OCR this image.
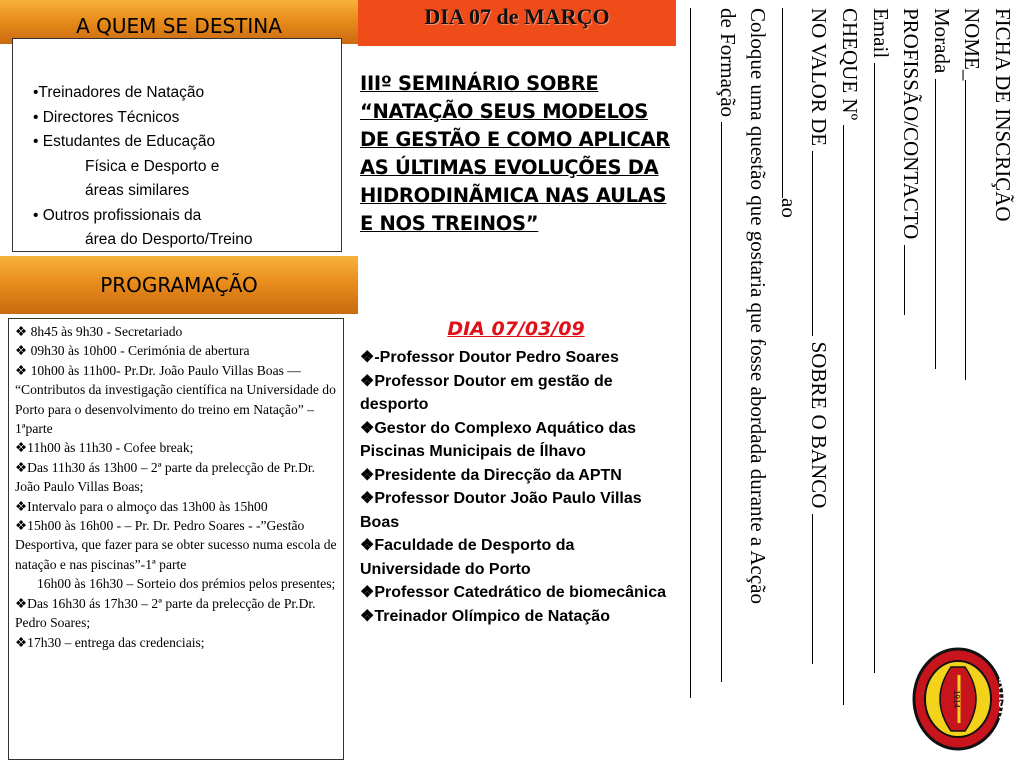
A QUEM SE DESTINA
•Treinadores de Natação
• Directores Técnicos
• Estudantes de Educação
Física e Desporto e
áreas similares
• Outros profissionais da
área do Desporto/Treino
PROGRAMAÇÃO

❖ 8h45 às 9h30 - Secretariado

❖ 09h30 às 10h00 - Cerimónia de abertura

❖ 10h00 às 11h00- Pr.Dr. João Paulo Villas Boas — “Contributos da investigação científica na Universidade do Porto para o desenvolvimento do treino em Natação” – 1ªparte

❖11h00 às 11h30 - Cofee break;

❖Das 11h30 ás 13h00 – 2ª parte da prelecção de Pr.Dr. João Paulo Villas Boas;

❖Intervalo para o almoço das 13h00 às 15h00

❖15h00 às 16h00 - – Pr. Dr. Pedro Soares - -”Gestão Desportiva, que fazer para se obter sucesso numa escola de natação e nas piscinas”-1ª parte

16h00 às 16h30 – Sorteio dos prémios pelos presentes;

❖Das 16h30 ás 17h30 – 2ª parte da prelecção de Pr.Dr. Pedro Soares;

❖17h30 – entrega das credenciais;

DIA 07 de MARÇO
IIIº SEMINÁRIO SOBRE “NATAÇÃO SEUS MODELOS DE GESTÃO E COMO APLICAR AS ÚLTIMAS EVOLUÇÕES DA HIDRODINÃMICA NAS AULAS E NOS TREINOS”
DIA 07/03/09
❖-Professor Doutor Pedro Soares
❖Professor Doutor em gestão de desporto
❖Gestor do Complexo Aquático das Piscinas Municipais de Ílhavo
❖Presidente da Direcção da APTN
❖Professor Doutor João Paulo Villas Boas
❖Faculdade de Desporto da Universidade do Porto
❖Professor Catedrático de biomecânica
❖Treinador Olímpico de Natação
FICHA DE INSCRIÇÃO
NOME_
Morada
PROFISSÃO/CONTACTO
Email
CHEQUE Nº
NO VALOR DE  SOBRE O BANCO
ao
Coloque uma questão que gostaria que fosse abordada durante a Acção
de Formação
S.ARTISTICO
1914
